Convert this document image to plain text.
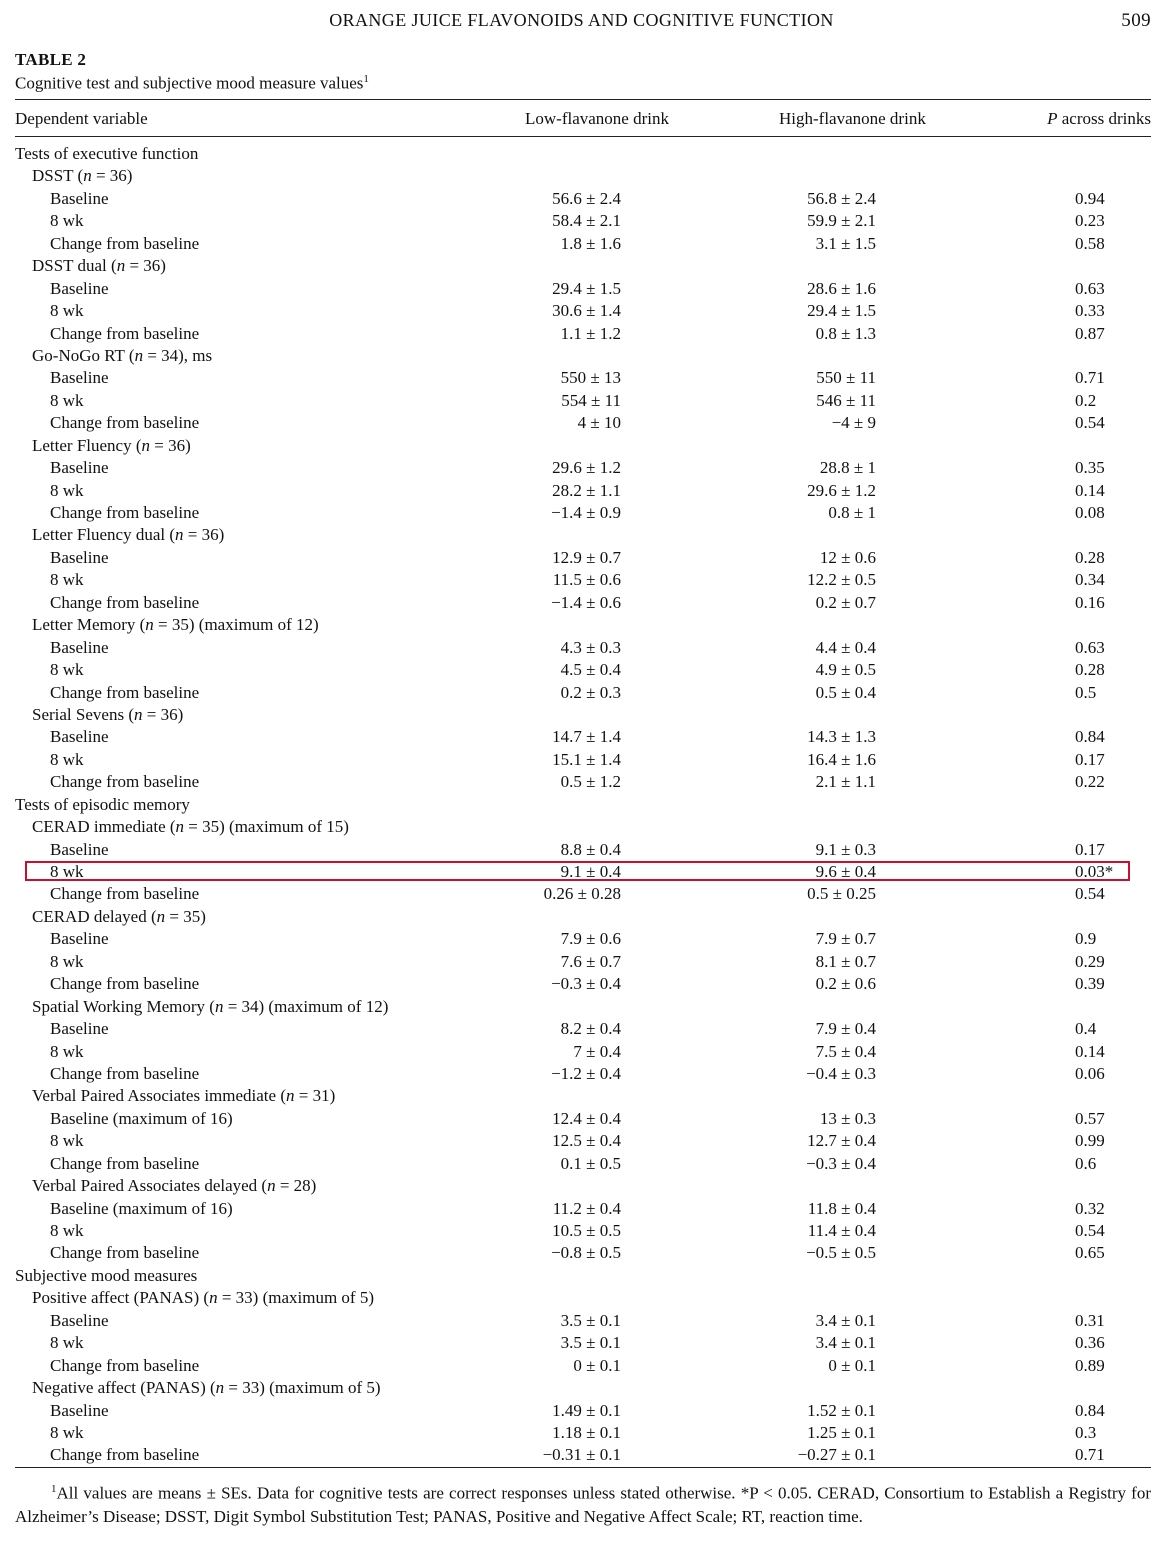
ORANGE JUICE FLAVONOIDS AND COGNITIVE FUNCTION	509
TABLE 2
Cognitive test and subjective mood measure values$^1$
Dependent variable	Low-flavanone drink	High-flavanone drink	P across drinks
Tests of executive function
DSST (n = 36)
Baseline	56.6 ± 2.4	56.8 ± 2.4	0.94
8 wk	58.4 ± 2.1	59.9 ± 2.1	0.23
Change from baseline	1.8 ± 1.6	3.1 ± 1.5	0.58
DSST dual (n = 36)
Baseline	29.4 ± 1.5	28.6 ± 1.6	0.63
8 wk	30.6 ± 1.4	29.4 ± 1.5	0.33
Change from baseline	1.1 ± 1.2	0.8 ± 1.3	0.87
Go-NoGo RT (n = 34), ms
Baseline	550 ± 13	550 ± 11	0.71
8 wk	554 ± 11	546 ± 11	0.2
Change from baseline	4 ± 10	−4 ± 9	0.54
Letter Fluency (n = 36)
Baseline	29.6 ± 1.2	28.8 ± 1	0.35
8 wk	28.2 ± 1.1	29.6 ± 1.2	0.14
Change from baseline	−1.4 ± 0.9	0.8 ± 1	0.08
Letter Fluency dual (n = 36)
Baseline	12.9 ± 0.7	12 ± 0.6	0.28
8 wk	11.5 ± 0.6	12.2 ± 0.5	0.34
Change from baseline	−1.4 ± 0.6	0.2 ± 0.7	0.16
Letter Memory (n = 35) (maximum of 12)
Baseline	4.3 ± 0.3	4.4 ± 0.4	0.63
8 wk	4.5 ± 0.4	4.9 ± 0.5	0.28
Change from baseline	0.2 ± 0.3	0.5 ± 0.4	0.5
Serial Sevens (n = 36)
Baseline	14.7 ± 1.4	14.3 ± 1.3	0.84
8 wk	15.1 ± 1.4	16.4 ± 1.6	0.17
Change from baseline	0.5 ± 1.2	2.1 ± 1.1	0.22
Tests of episodic memory
CERAD immediate (n = 35) (maximum of 15)
Baseline	8.8 ± 0.4	9.1 ± 0.3	0.17
8 wk	9.1 ± 0.4	9.6 ± 0.4	0.03*
Change from baseline	0.26 ± 0.28	0.5 ± 0.25	0.54
CERAD delayed (n = 35)
Baseline	7.9 ± 0.6	7.9 ± 0.7	0.9
8 wk	7.6 ± 0.7	8.1 ± 0.7	0.29
Change from baseline	−0.3 ± 0.4	0.2 ± 0.6	0.39
Spatial Working Memory (n = 34) (maximum of 12)
Baseline	8.2 ± 0.4	7.9 ± 0.4	0.4
8 wk	7 ± 0.4	7.5 ± 0.4	0.14
Change from baseline	−1.2 ± 0.4	−0.4 ± 0.3	0.06
Verbal Paired Associates immediate (n = 31)
Baseline (maximum of 16)	12.4 ± 0.4	13 ± 0.3	0.57
8 wk	12.5 ± 0.4	12.7 ± 0.4	0.99
Change from baseline	0.1 ± 0.5	−0.3 ± 0.4	0.6
Verbal Paired Associates delayed (n = 28)
Baseline (maximum of 16)	11.2 ± 0.4	11.8 ± 0.4	0.32
8 wk	10.5 ± 0.5	11.4 ± 0.4	0.54
Change from baseline	−0.8 ± 0.5	−0.5 ± 0.5	0.65
Subjective mood measures
Positive affect (PANAS) (n = 33) (maximum of 5)
Baseline	3.5 ± 0.1	3.4 ± 0.1	0.31
8 wk	3.5 ± 0.1	3.4 ± 0.1	0.36
Change from baseline	0 ± 0.1	0 ± 0.1	0.89
Negative affect (PANAS) (n = 33) (maximum of 5)
Baseline	1.49 ± 0.1	1.52 ± 0.1	0.84
8 wk	1.18 ± 0.1	1.25 ± 0.1	0.3
Change from baseline	−0.31 ± 0.1	−0.27 ± 0.1	0.71
$^1$All values are means ± SEs. Data for cognitive tests are correct responses unless stated otherwise. *P < 0.05. CERAD, Consortium to Establish a Registry for Alzheimer’s Disease; DSST, Digit Symbol Substitution Test; PANAS, Positive and Negative Affect Scale; RT, reaction time.
